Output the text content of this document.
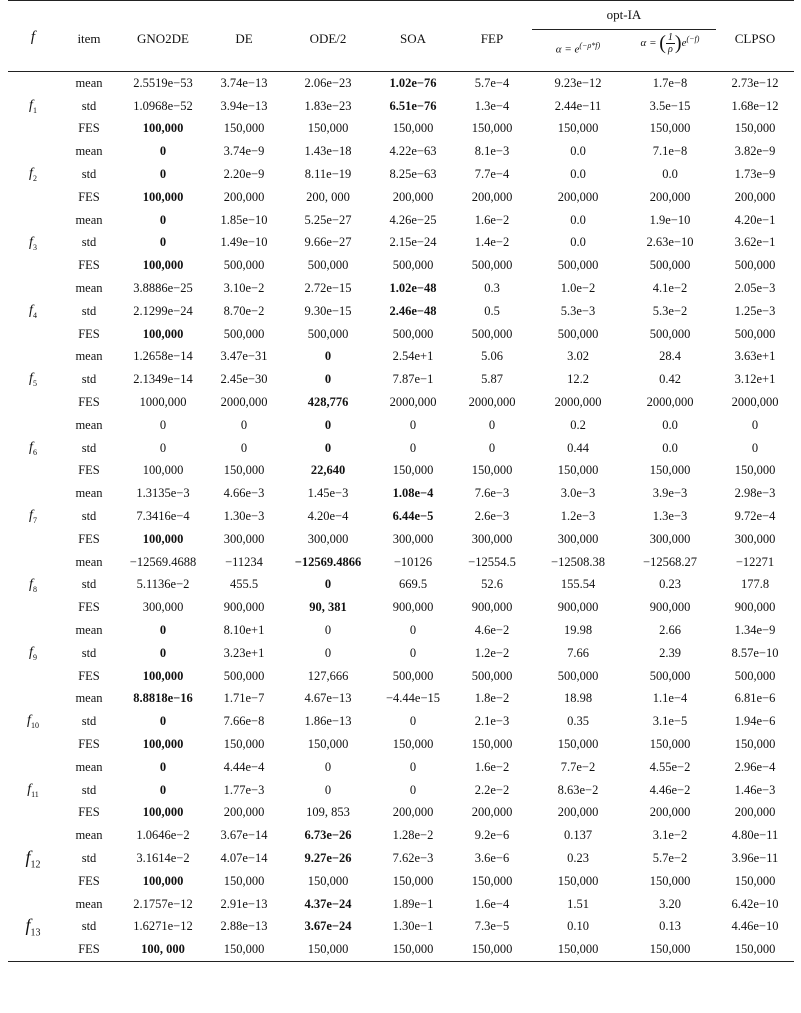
f	item	GNO2DE	DE	ODE/2	SOA	FEP
opt-IA
$\alpha = e^{(-\rho*f)}$	α = ( $\frac{1}{\rho} )e^{(-f)}$	CLPSO
$f_1$	mean	2.5519e−53	3.74e−13	2.06e−23	1.02e−76	5.7e−4	9.23e−12	1.7e−8	2.73e−12
	std	1.0968e−52	3.94e−13	1.83e−23	6.51e−76	1.3e−4	2.44e−11	3.5e−15	1.68e−12
	FES	100,000	150,000	150,000	150,000	150,000	150,000	150,000	150,000
$f_2$	mean	0	3.74e−9	1.43e−18	4.22e−63	8.1e−3	0.0	7.1e−8	3.82e−9
	std	0	2.20e−9	8.11e−19	8.25e−63	7.7e−4	0.0	0.0	1.73e−9
	FES	100,000	200,000	200, 000	200,000	200,000	200,000	200,000	200,000
$f_3$	mean	0	1.85e−10	5.25e−27	4.26e−25	1.6e−2	0.0	1.9e−10	4.20e−1
	std	0	1.49e−10	9.66e−27	2.15e−24	1.4e−2	0.0	2.63e−10	3.62e−1
	FES	100,000	500,000	500,000	500,000	500,000	500,000	500,000	500,000
$f_4$	mean	3.8886e−25	3.10e−2	2.72e−15	1.02e−48	0.3	1.0e−2	4.1e−2	2.05e−3
	std	2.1299e−24	8.70e−2	9.30e−15	2.46e−48	0.5	5.3e−3	5.3e−2	1.25e−3
	FES	100,000	500,000	500,000	500,000	500,000	500,000	500,000	500,000
$f_5$	mean	1.2658e−14	3.47e−31	0	2.54e+1	5.06	3.02	28.4	3.63e+1
	std	2.1349e−14	2.45e−30	0	7.87e−1	5.87	12.2	0.42	3.12e+1
	FES	1000,000	2000,000	428,776	2000,000	2000,000	2000,000	2000,000	2000,000
$f_6$	mean	0	0	0	0	0	0.2	0.0	0
	std	0	0	0	0	0	0.44	0.0	0
	FES	100,000	150,000	22,640	150,000	150,000	150,000	150,000	150,000
$f_7$	mean	1.3135e−3	4.66e−3	1.45e−3	1.08e−4	7.6e−3	3.0e−3	3.9e−3	2.98e−3
	std	7.3416e−4	1.30e−3	4.20e−4	6.44e−5	2.6e−3	1.2e−3	1.3e−3	9.72e−4
	FES	100,000	300,000	300,000	300,000	300,000	300,000	300,000	300,000
$f_8$	mean	−12569.4688	−11234	−12569.4866	−10126	−12554.5	−12508.38	−12568.27	−12271
	std	5.1136e−2	455.5	0	669.5	52.6	155.54	0.23	177.8
	FES	300,000	900,000	90, 381	900,000	900,000	900,000	900,000	900,000
$f_9$	mean	0	8.10e+1	0	0	4.6e−2	19.98	2.66	1.34e−9
	std	0	3.23e+1	0	0	1.2e−2	7.66	2.39	8.57e−10
	FES	100,000	500,000	127,666	500,000	500,000	500,000	500,000	500,000
$f_{10}$	mean	8.8818e−16	1.71e−7	4.67e−13	−4.44e−15	1.8e−2	18.98	1.1e−4	6.81e−6
	std	0	7.66e−8	1.86e−13	0	2.1e−3	0.35	3.1e−5	1.94e−6
	FES	100,000	150,000	150,000	150,000	150,000	150,000	150,000	150,000
$f_{11}$	mean	0	4.44e−4	0	0	1.6e−2	7.7e−2	4.55e−2	2.96e−4
	std	0	1.77e−3	0	0	2.2e−2	8.63e−2	4.46e−2	1.46e−3
	FES	100,000	200,000	109, 853	200,000	200,000	200,000	200,000	200,000
$f_{12}$	mean	1.0646e−2	3.67e−14	6.73e−26	1.28e−2	9.2e−6	0.137	3.1e−2	4.80e−11
	std	3.1614e−2	4.07e−14	9.27e−26	7.62e−3	3.6e−6	0.23	5.7e−2	3.96e−11
	FES	100,000	150,000	150,000	150,000	150,000	150,000	150,000	150,000
$f_{13}$	mean	2.1757e−12	2.91e−13	4.37e−24	1.89e−1	1.6e−4	1.51	3.20	6.42e−10
	std	1.6271e−12	2.88e−13	3.67e−24	1.30e−1	7.3e−5	0.10	0.13	4.46e−10
	FES	100, 000	150,000	150,000	150,000	150,000	150,000	150,000	150,000
